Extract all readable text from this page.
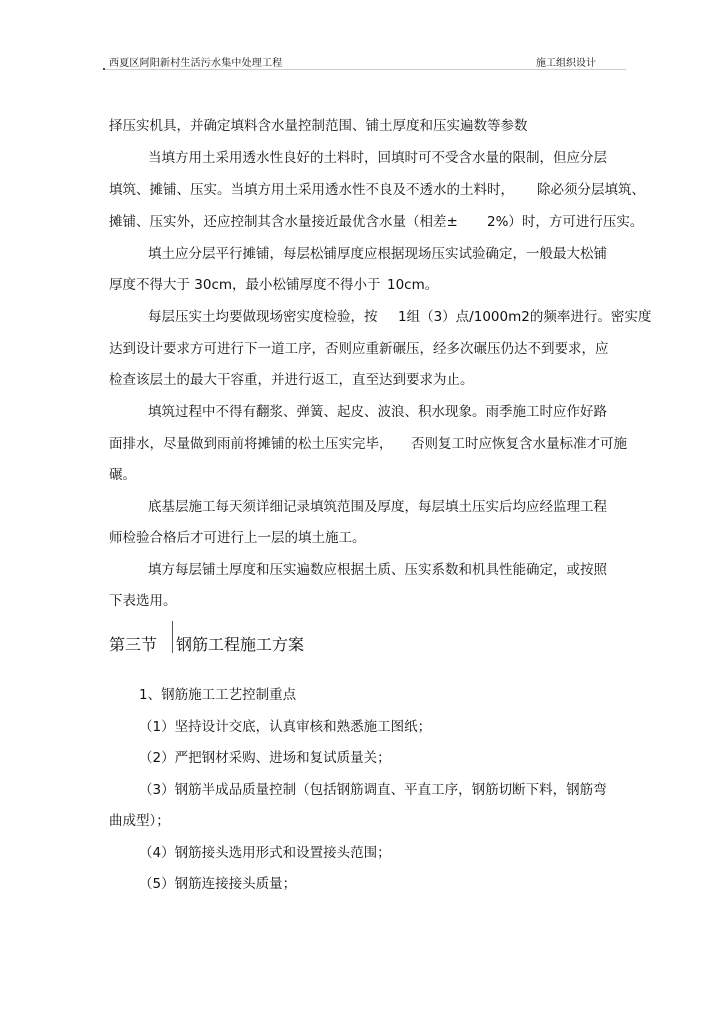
西夏区阿阳新村生活污水集中处理工程	施工组织设计
择压实机具，并确定填料含水量控制范围、铺土厚度和压实遍数等参数
当填方用土采用透水性良好的土料时，回填时可不受含水量的限制，但应分层
填筑、摊铺、压实。当填方用土采用透水性不良及不透水的土料时， 除必须分层填筑、
摊铺、压实外，还应控制其含水量接近最优含水量（相差± 2%）时，方可进行压实。
填土应分层平行摊铺，每层松铺厚度应根据现场压实试验确定，一般最大松铺
厚度不得大于 30cm，最小松铺厚度不得小于 10cm。
每层压实土均要做现场密实度检验，按 1组（3）点/1000m2的频率进行。密实度
达到设计要求方可进行下一道工序，否则应重新碾压，经多次碾压仍达不到要求，应
检查该层土的最大干容重，并进行返工，直至达到要求为止。
填筑过程中不得有翻浆、弹簧、起皮、波浪、积水现象。雨季施工时应作好路
面排水，尽量做到雨前将摊铺的松土压实完毕， 否则复工时应恢复含水量标准才可施
碾。
底基层施工每天须详细记录填筑范围及厚度，每层填土压实后均应经监理工程
师检验合格后才可进行上一层的填土施工。
填方每层铺土厚度和压实遍数应根据土质、压实系数和机具性能确定，或按照
下表选用。
第三节 钢筋工程施工方案
1、钢筋施工工艺控制重点
（1）坚持设计交底，认真审核和熟悉施工图纸；
（2）严把钢材采购、进场和复试质量关；
（3）钢筋半成品质量控制（包括钢筋调直、平直工序，钢筋切断下料，钢筋弯
曲成型）；
（4）钢筋接头选用形式和设置接头范围；
（5）钢筋连接接头质量；
